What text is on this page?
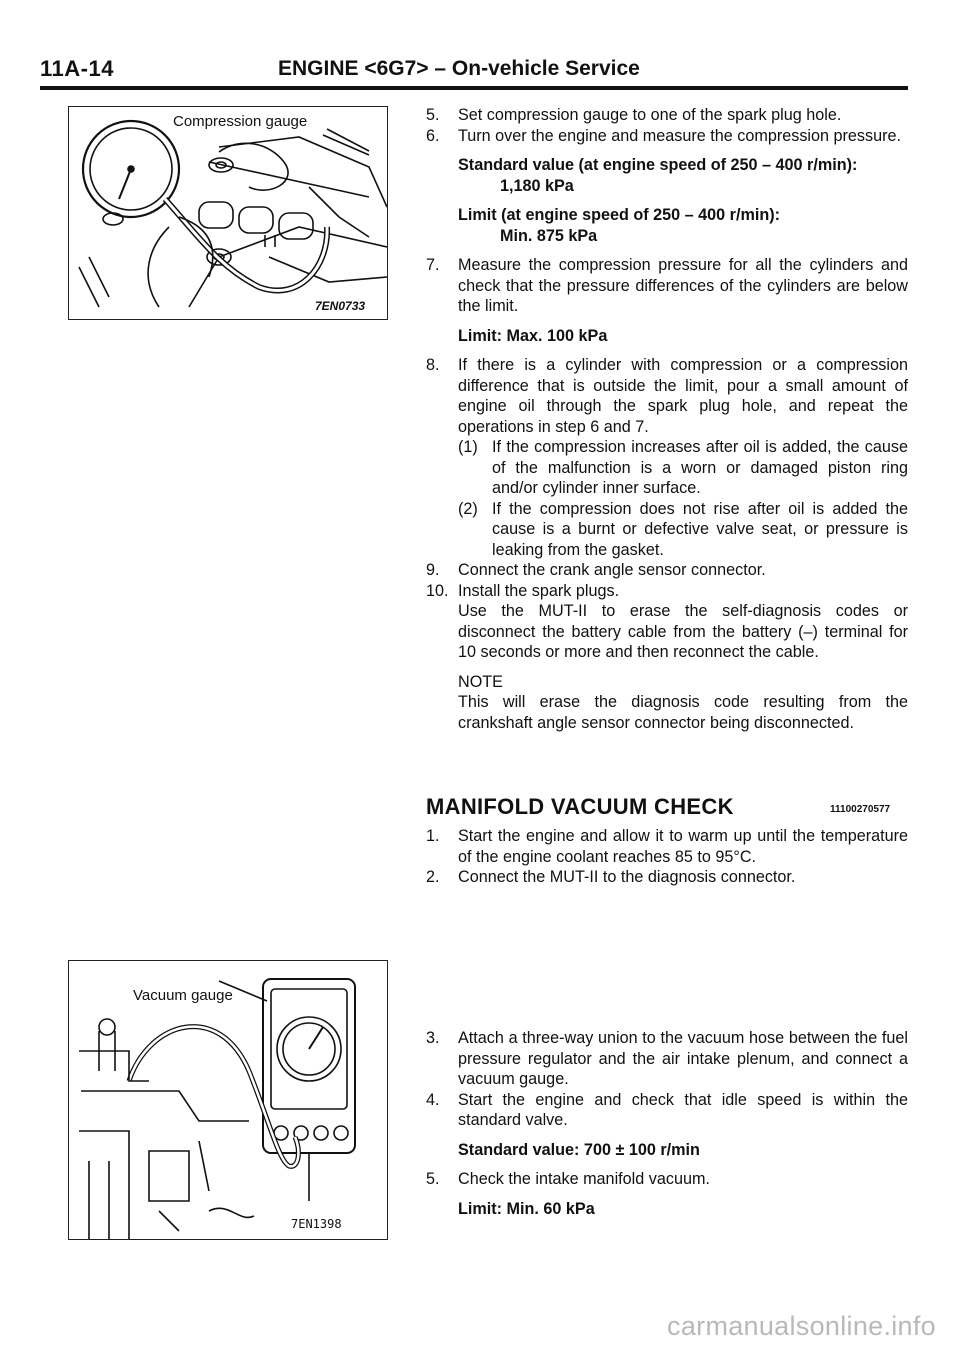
11A-14	ENGINE <6G7> – On-vehicle Service
Compression gauge
7EN0733
5.	Set compression gauge to one of the spark plug hole.
6.	Turn over the engine and measure the compression pressure.
Standard value (at engine speed of 250 – 400 r/min):
1,180 kPa
Limit (at engine speed of 250 – 400 r/min):
Min. 875 kPa
7.	Measure the compression pressure for all the cylinders and check that the pressure differences of the cylinders are below the limit.
Limit: Max. 100 kPa
8.	If there is a cylinder with compression or a compression difference that is outside the limit, pour a small amount of engine oil through the spark plug hole, and repeat the operations in step 6 and 7.
(1) If the compression increases after oil is added, the cause of the malfunction is a worn or damaged piston ring and/or cylinder inner surface.
(2) If the compression does not rise after oil is added the cause is a burnt or defective valve seat, or pressure is leaking from the gasket.
9.	Connect the crank angle sensor connector.
10. Install the spark plugs.
Use the MUT-II to erase the self-diagnosis codes or disconnect the battery cable from the battery (–) terminal for 10 seconds or more and then reconnect the cable.
NOTE
This will erase the diagnosis code resulting from the crankshaft angle sensor connector being disconnected.
MANIFOLD VACUUM CHECK	11100270577
1.	Start the engine and allow it to warm up until the temperature of the engine coolant reaches 85 to 95°C.
2.	Connect the MUT-II to the diagnosis connector.
Vacuum gauge
7EN1398
3.	Attach a three-way union to the vacuum hose between the fuel pressure regulator and the air intake plenum, and connect a vacuum gauge.
4.	Start the engine and check that idle speed is within the standard valve.
Standard value: 700 ± 100 r/min
5.	Check the intake manifold vacuum.
Limit: Min. 60 kPa
carmanualsonline.info
